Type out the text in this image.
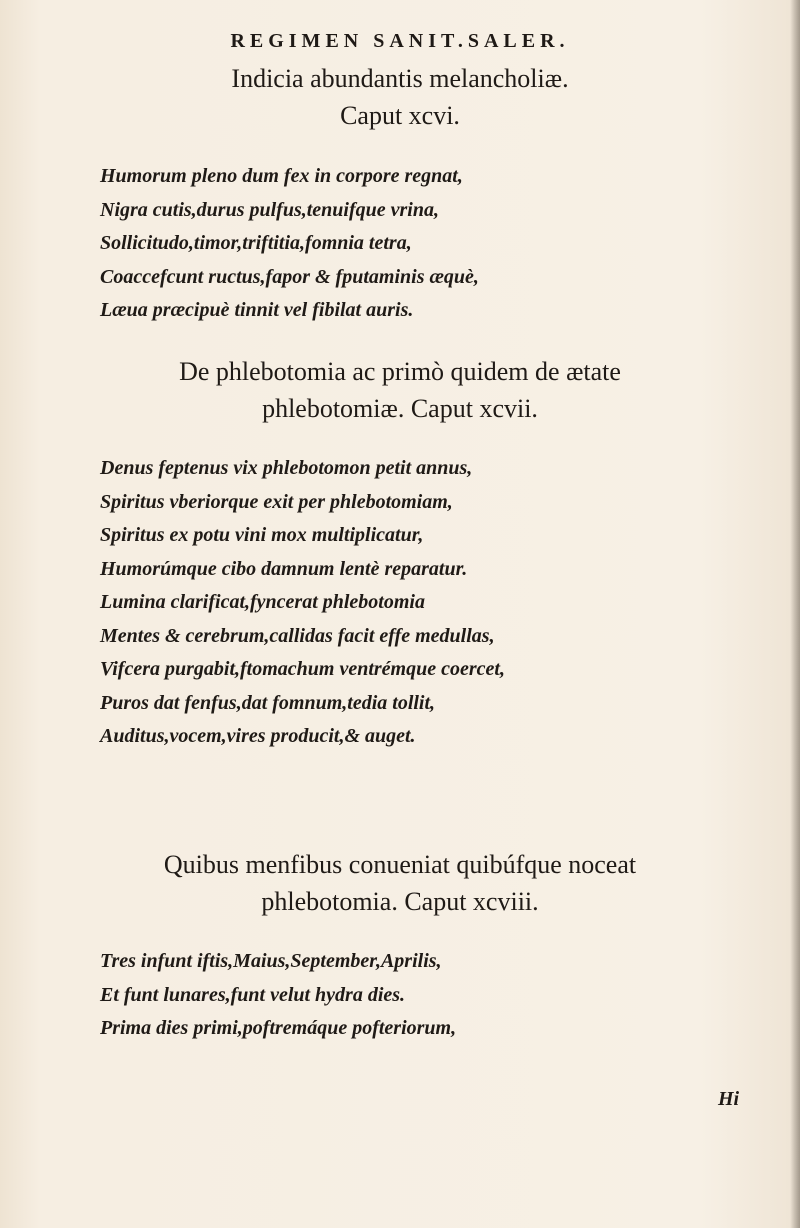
REGIMEN SANIT.SALER.
Indicia abundantis melancholiæ.
Caput xcvi.
Humorum pleno dum fex in corpore regnat,
Nigra cutis,durus pulfus,tenuifque vrina,
Sollicitudo,timor,triftitia,fomnia tetra,
Coaccefcunt ructus,fapor & fputaminis æquè,
Læua præcipuè tinnit vel fibilat auris.
De phlebotomia ac primò quidem de ætate
phlebotomiæ. Caput xcvii.
Denus feptenus vix phlebotomon petit annus,
Spiritus vberiorque exit per phlebotomiam,
Spiritus ex potu vini mox multiplicatur,
Humorúmque cibo damnum lentè reparatur.
Lumina clarificat,fyncerat phlebotomia
Mentes & cerebrum,callidas facit effe medullas,
Vifcera purgabit,ftomachum ventrémque coercet,
Puros dat fenfus,dat fomnum,tedia tollit,
Auditus,vocem,vires producit,& auget.
Quibus menfibus conueniat quibúfque noceat
phlebotomia. Caput xcviii.
Tres infunt iftis,Maius,September,Aprilis,
Et funt lunares,funt velut hydra dies.
Prima dies primi,poftremáque pofteriorum,
Hi
